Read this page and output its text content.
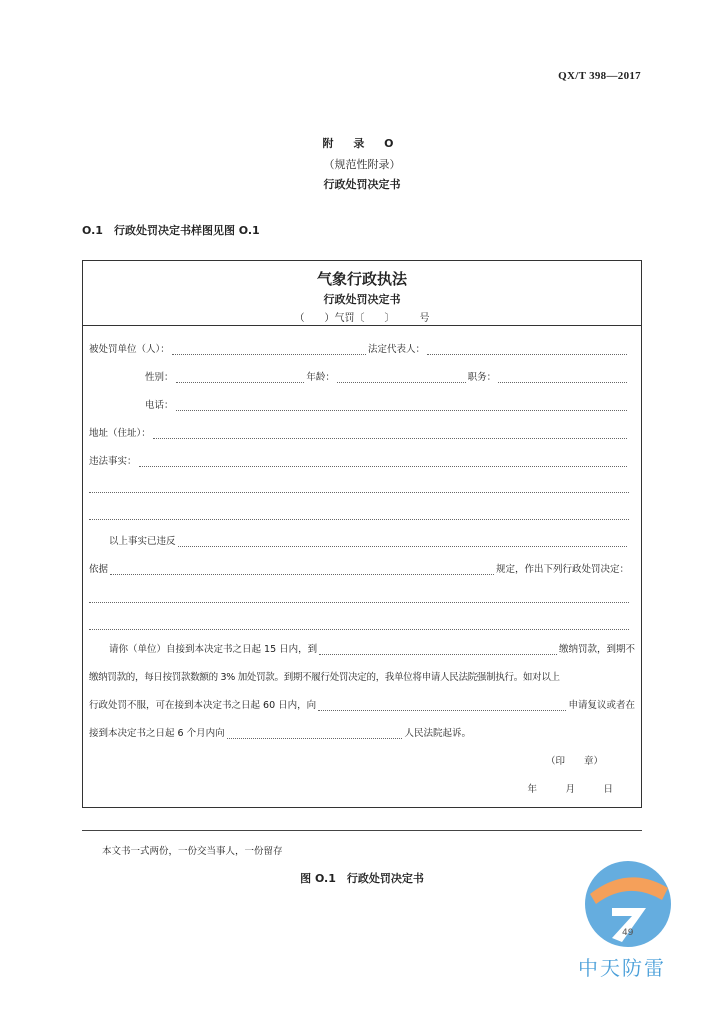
QX/T 398—2017
附 录 O
（规范性附录）
行政处罚决定书
O.1　行政处罚决定书样图见图 O.1
气象行政执法
行政处罚决定书
（　　）气罚〔　　〕　　　号
被处罚单位（人）：	法定代表人：
性别：	年龄：	职务：
电话：
地址（住址）：
违法事实：
以上事实已违反
依据	规定，作出下列行政处罚决定：
请你（单位）自接到本决定书之日起 15 日内，到	缴纳罚款，到期不
缴纳罚款的，每日按罚款数额的 3% 加处罚款。到期不履行处罚决定的，我单位将申请人民法院强制执行。如对以上
行政处罚不服，可在接到本决定书之日起 60 日内，向	申请复议或者在
接到本决定书之日起 6 个月内向	人民法院起诉。
（印　　章）
年　　　月　　　日
本文书一式两份，一份交当事人，一份留存
图 O.1　行政处罚决定书
49
中天防雷
